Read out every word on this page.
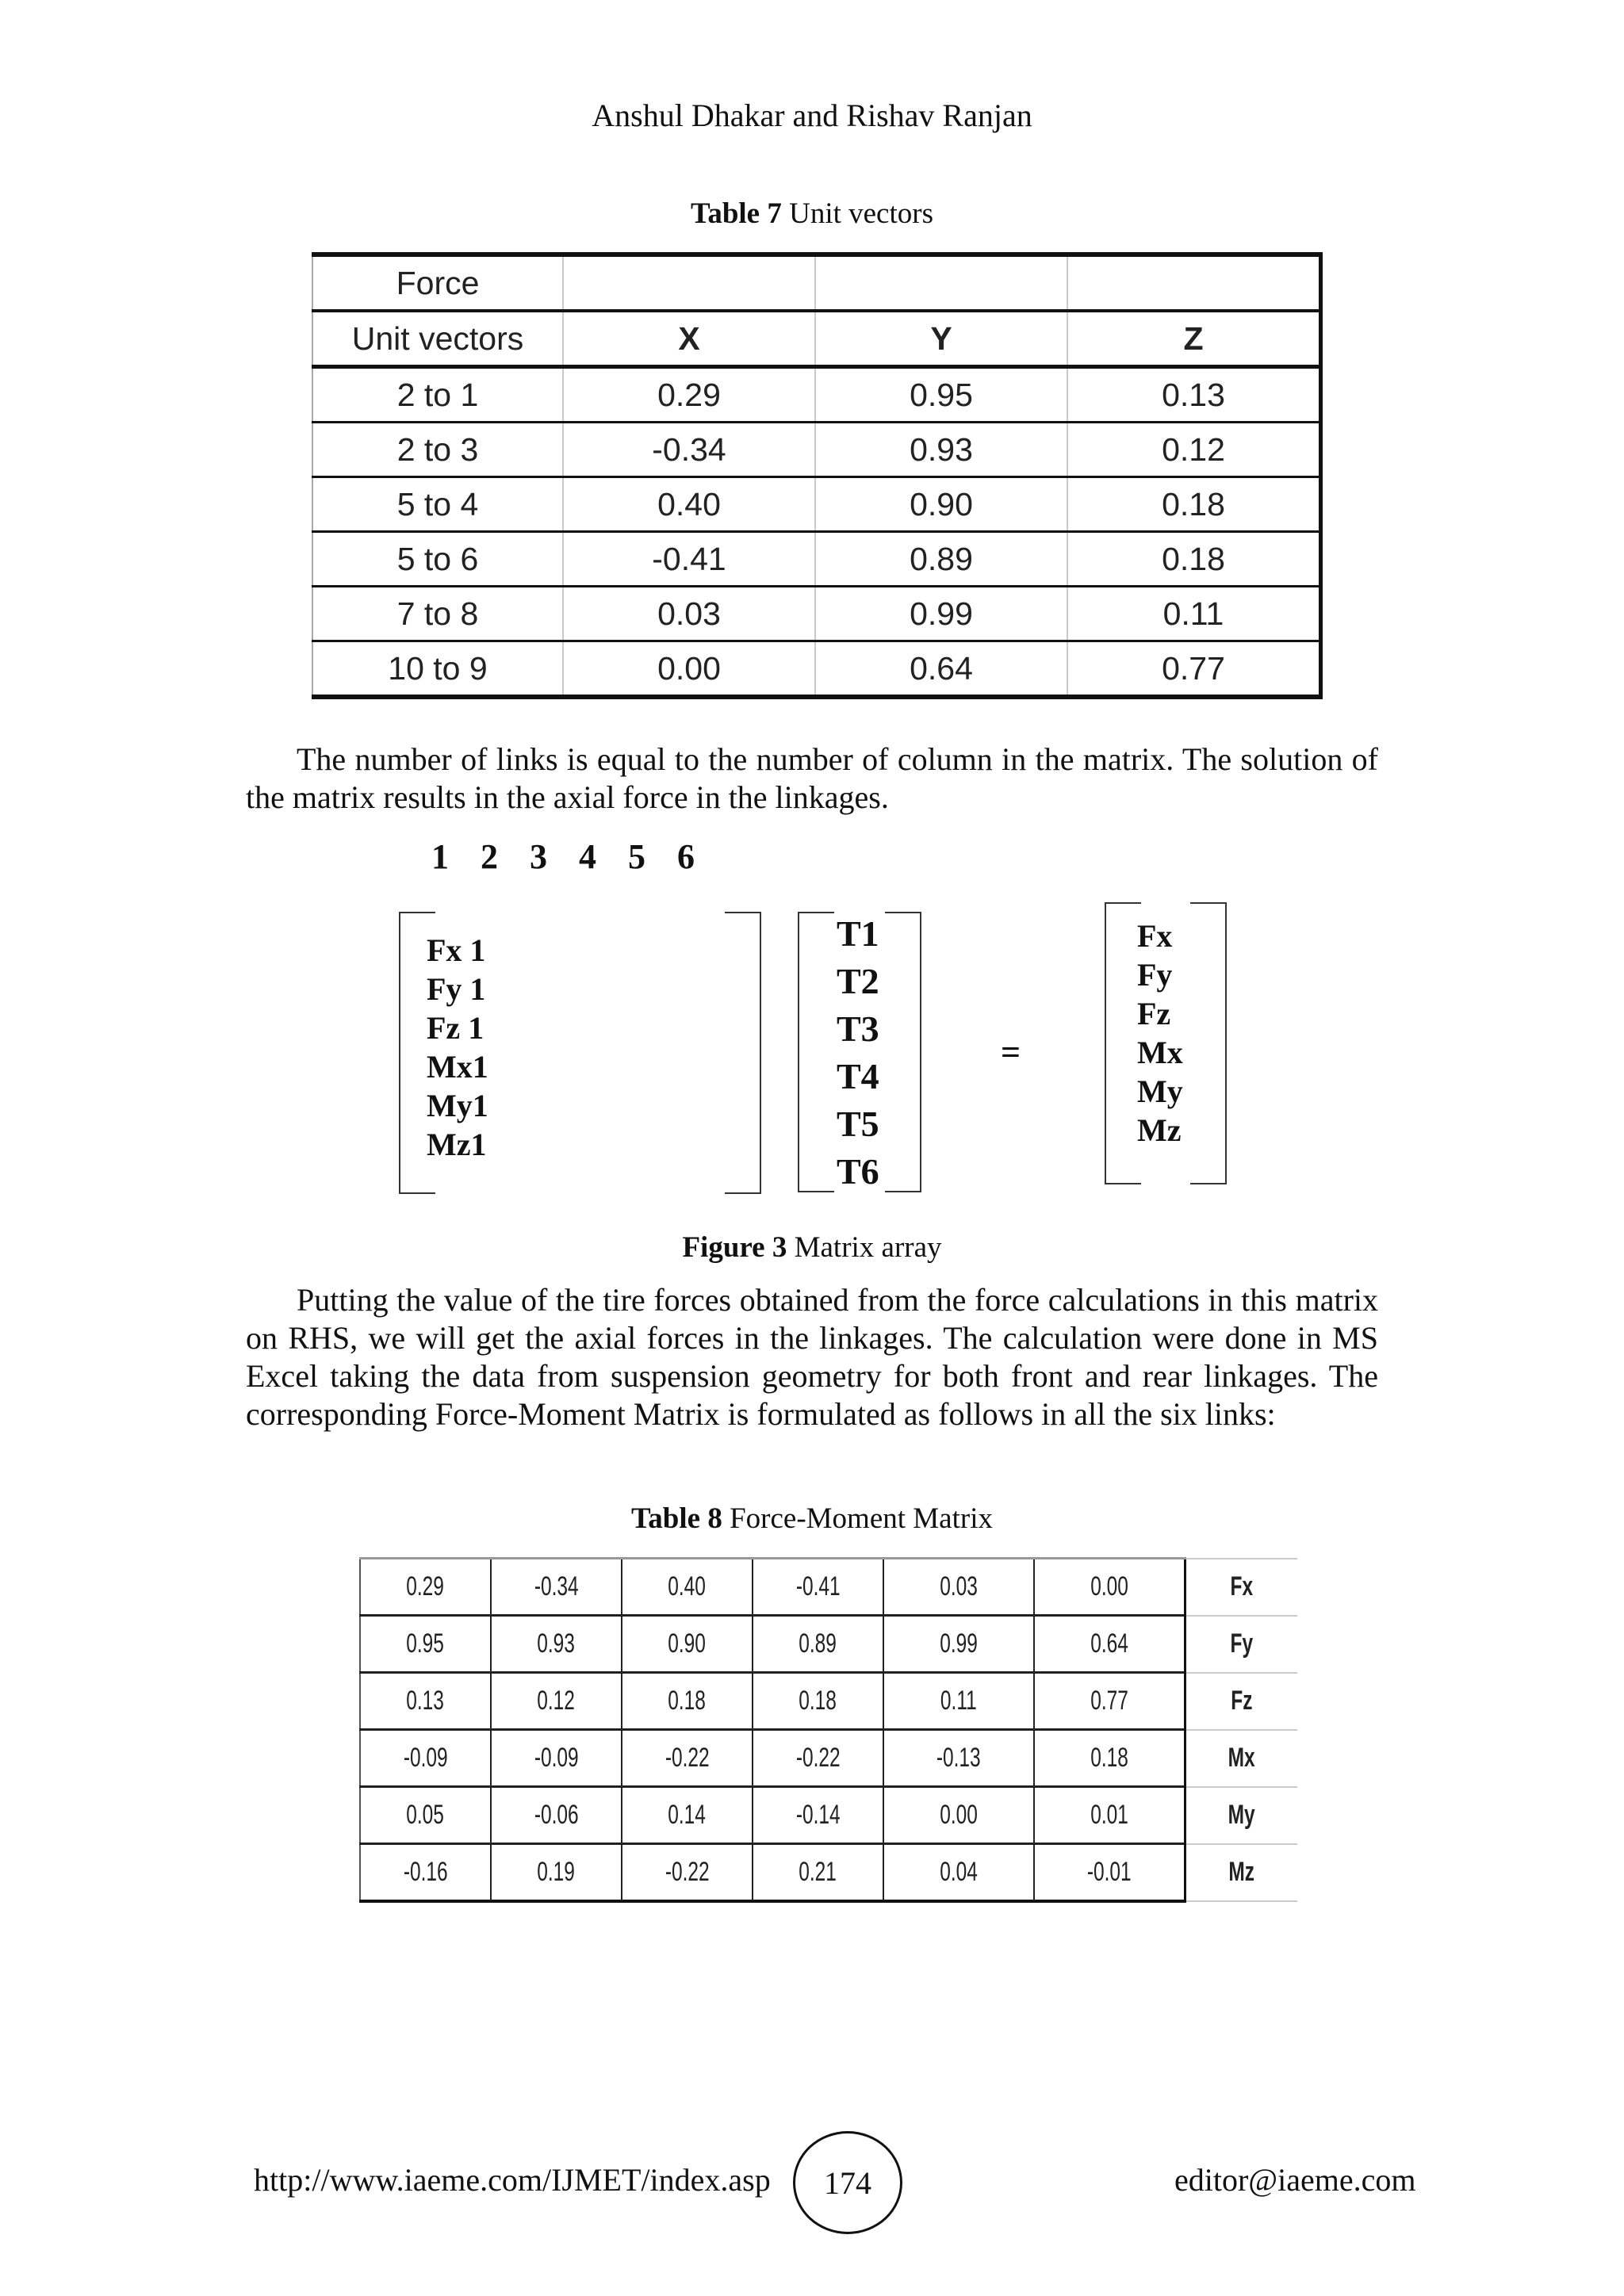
Anshul Dhakar and Rishav Ranjan
Table 7 Unit vectors
Force			
Unit vectors	X	Y	Z
2 to 1	0.29	0.95	0.13
2 to 3	-0.34	0.93	0.12
5 to 4	0.40	0.90	0.18
5 to 6	-0.41	0.89	0.18
7 to 8	0.03	0.99	0.11
10 to 9	0.00	0.64	0.77
The number of links is equal to the number of column in the matrix. The solution of the matrix results in the axial force in the linkages.
1 2 3 4 5 6
Fx 1
Fy 1
Fz 1
Mx1
My1
Mz1
T1
T2
T3
T4
T5
T6
=
Fx
Fy
Fz
Mx
My
Mz
Figure 3 Matrix array
Putting the value of the tire forces obtained from the force calculations in this matrix on RHS, we will get the axial forces in the linkages. The calculation were done in MS Excel taking the data from suspension geometry for both front and rear linkages. The corresponding Force-Moment Matrix is formulated as follows in all the six links:
Table 8 Force-Moment Matrix
0.29	-0.34	0.40	-0.41	0.03	0.00	Fx
0.95	0.93	0.90	0.89	0.99	0.64	Fy
0.13	0.12	0.18	0.18	0.11	0.77	Fz
-0.09	-0.09	-0.22	-0.22	-0.13	0.18	Mx
0.05	-0.06	0.14	-0.14	0.00	0.01	My
-0.16	0.19	-0.22	0.21	0.04	-0.01	Mz
http://www.iaeme.com/IJMET/index.asp 174	editor@iaeme.com
